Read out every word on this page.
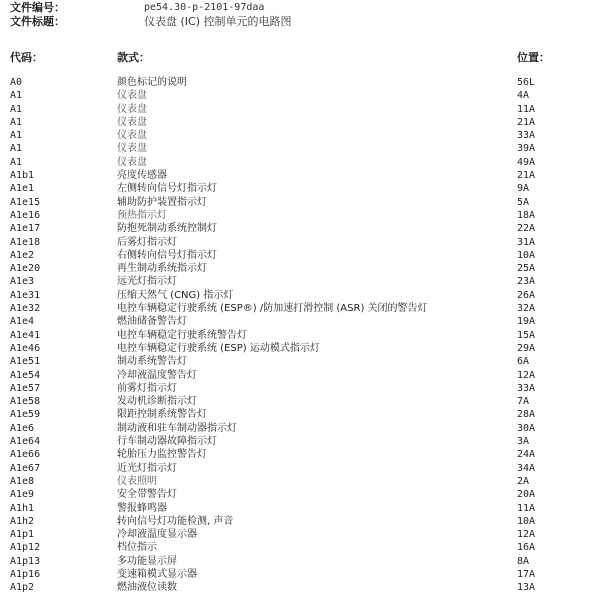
文件编号：	pe54.30-p-2101-97daa
文件标题：	仪表盘 (IC) 控制单元的电路图
代码：	款式：	位置：
A0	颜色标记的说明	56L
A1	仪表盘	4A
A1	仪表盘	11A
A1	仪表盘	21A
A1	仪表盘	33A
A1	仪表盘	39A
A1	仪表盘	49A
A1b1	亮度传感器	21A
A1e1	左侧转向信号灯指示灯	9A
A1e15	辅助防护装置指示灯	5A
A1e16	预热指示灯	18A
A1e17	防抱死制动系统控制灯	22A
A1e18	后雾灯指示灯	31A
A1e2	右侧转向信号灯指示灯	10A
A1e20	再生制动系统指示灯	25A
A1e3	远光灯指示灯	23A
A1e31	压缩天然气 (CNG) 指示灯	26A
A1e32	电控车辆稳定行驶系统 (ESP®) /防加速打滑控制 (ASR) 关闭的警告灯	32A
A1e4	燃油储备警告灯	19A
A1e41	电控车辆稳定行驶系统警告灯	15A
A1e46	电控车辆稳定行驶系统 (ESP) 运动模式指示灯	29A
A1e51	制动系统警告灯	6A
A1e54	冷却液温度警告灯	12A
A1e57	前雾灯指示灯	33A
A1e58	发动机诊断指示灯	7A
A1e59	限距控制系统警告灯	28A
A1e6	制动液和驻车制动器指示灯	30A
A1e64	行车制动器故障指示灯	3A
A1e66	轮胎压力监控警告灯	24A
A1e67	近光灯指示灯	34A
A1e8	仪表照明	2A
A1e9	安全带警告灯	20A
A1h1	警报蜂鸣器	11A
A1h2	转向信号灯功能检测, 声音	10A
A1p1	冷却液温度显示器	12A
A1p12	档位指示	16A
A1p13	多功能显示屏	8A
A1p16	变速箱模式显示器	17A
A1p2	燃油液位读数	13A
